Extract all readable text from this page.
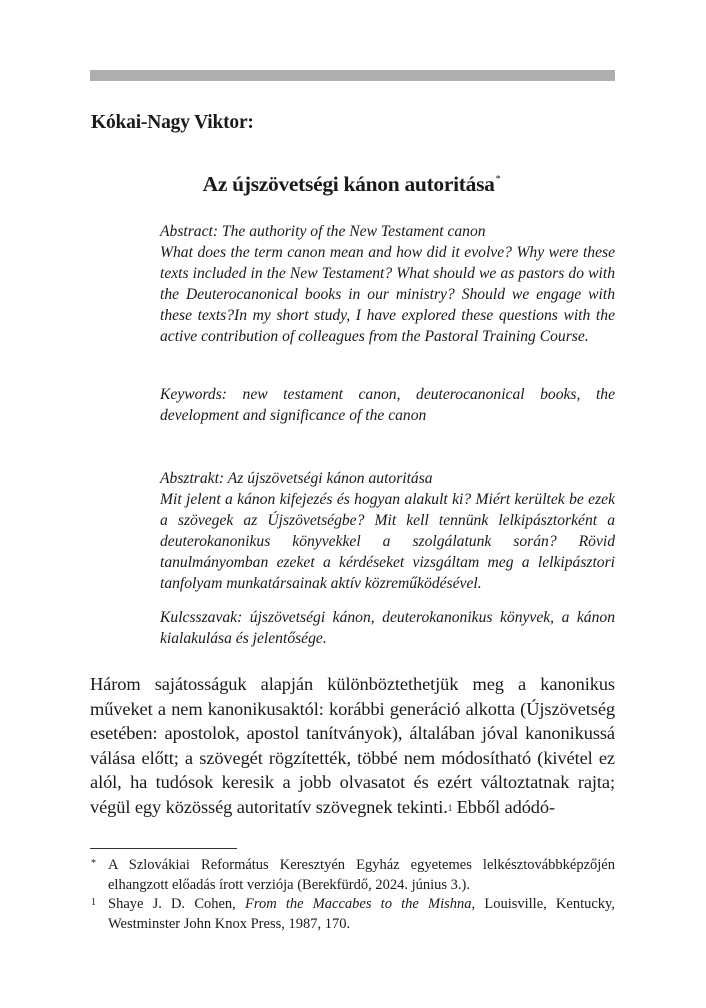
Kókai-Nagy Viktor:
Az újszövetségi kánon autoritása*

Abstract: The authority of the New Testament canon

What does the term canon mean and how did it evolve? Why were these texts included in the New Testament? What should we as pastors do with the Deuterocanonical books in our ministry? Should we engage with these texts?In my short study, I have explored these questions with the active contribution of colleagues from the Pastoral Training Course.

Keywords: new testament canon, deuterocanonical books, the development and significance of the canon

Absztrakt: Az újszövetségi kánon autoritása

Mit jelent a kánon kifejezés és hogyan alakult ki? Miért kerültek be ezek a szövegek az Újszövetségbe? Mit kell tennünk lelkipásztorként a deuterokanonikus könyvekkel a szolgálatunk során? Rövid tanulmányomban ezeket a kérdéseket vizsgáltam meg a lelkipásztori tanfolyam munkatársainak aktív közreműködésével.

Kulcsszavak: újszövetségi kánon, deuterokanonikus könyvek, a kánon kialakulása és jelentősége.

Három sajátosságuk alapján különböztethetjük meg a kanonikus műveket a nem kanonikusaktól: korábbi generáció alkotta (Újszövetség esetében: apostolok, apostol tanítványok), általában jóval kanonikussá válása előtt; a szövegét rögzítették, többé nem módosítható (kivétel ez alól, ha tudósok keresik a jobb olvasatot és ezért változtatnak rajta; végül egy közösség autoritatív szövegnek tekinti.$^1$ Ebből adódó-

* A Szlovákiai Református Keresztyén Egyház egyetemes lelkésztovábbképzőjén elhangzott előadás írott verziója (Berekfürdő, 2024. június 3.).
1 Shaye J. D. Cohen, From the Maccabes to the Mishna, Louisville, Kentucky, Westminster John Knox Press, 1987, 170.
